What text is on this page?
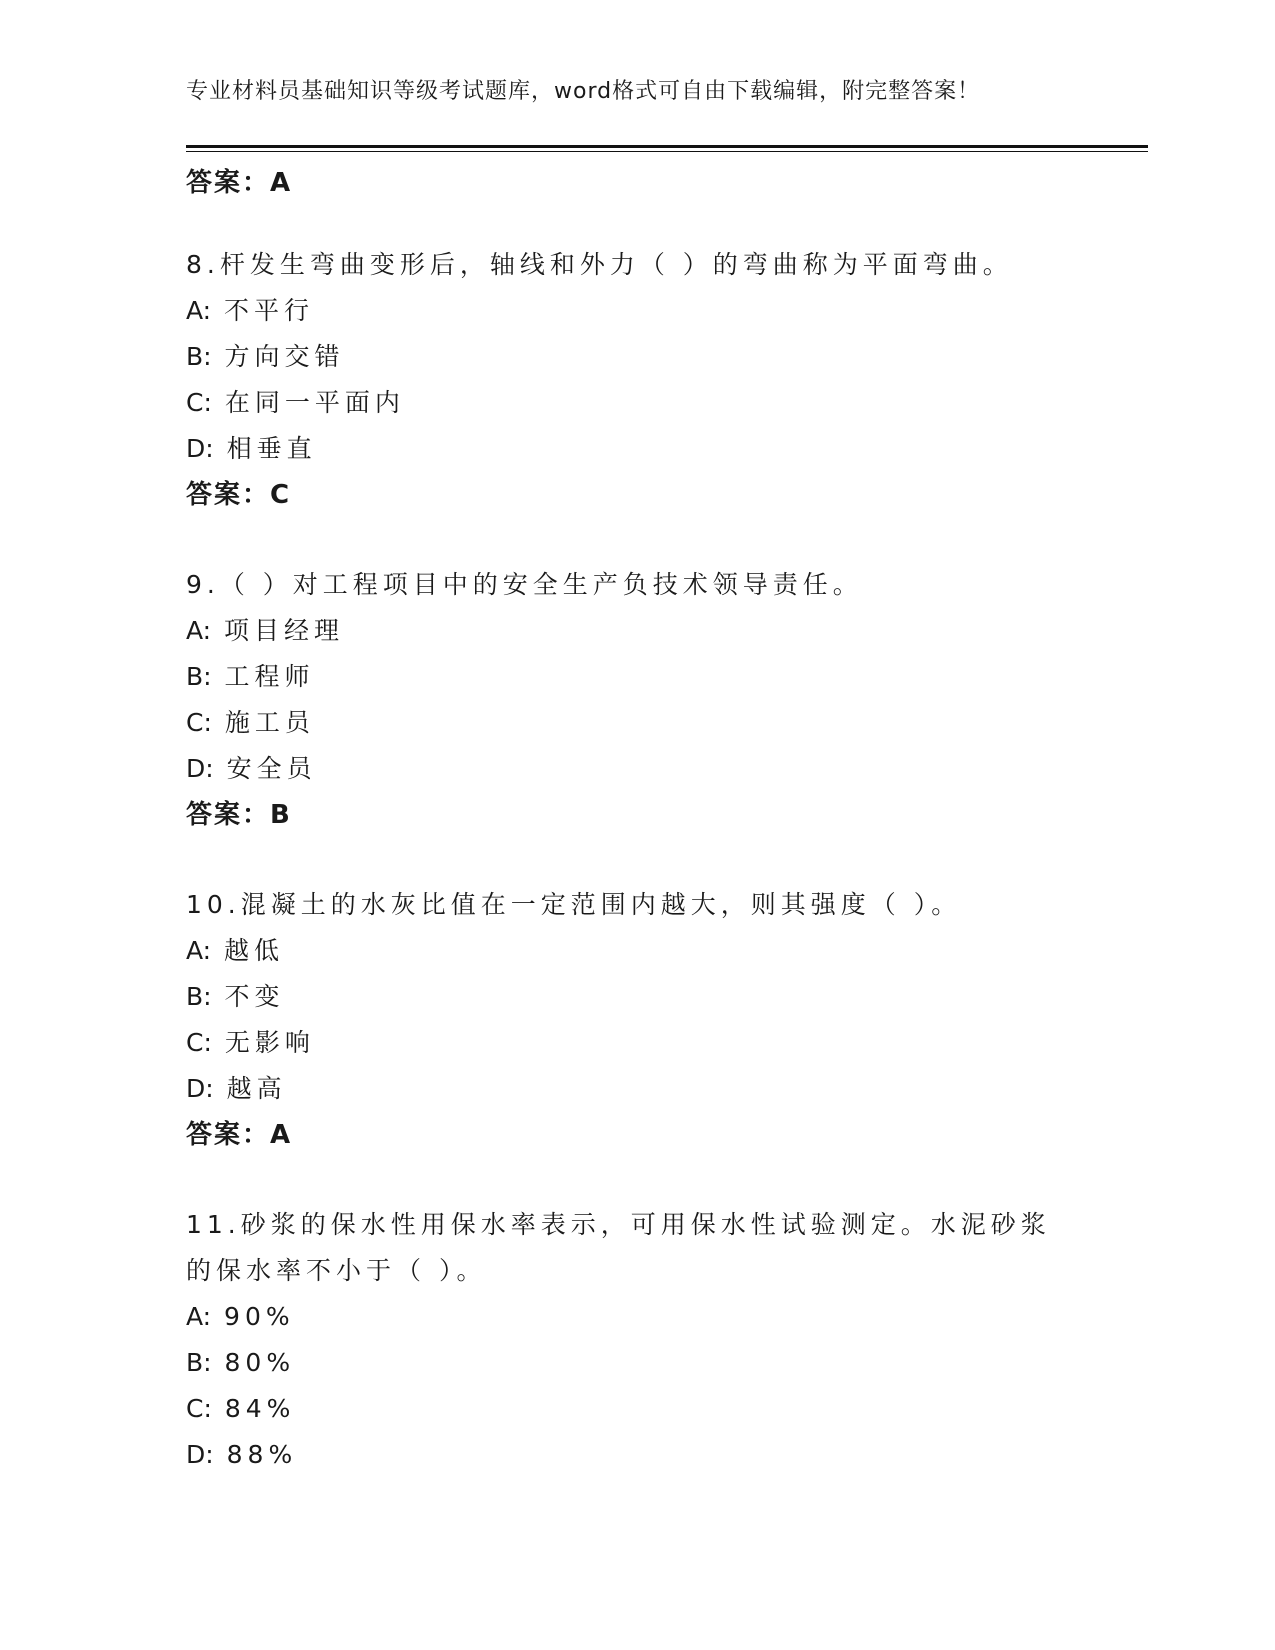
专业材料员基础知识等级考试题库，word格式可自由下载编辑，附完整答案！
答案：A
8.杆发生弯曲变形后，轴线和外力（ ）的弯曲称为平面弯曲。
A: 不平行
B: 方向交错
C: 在同一平面内
D: 相垂直
答案：C
9.（ ）对工程项目中的安全生产负技术领导责任。
A: 项目经理
B: 工程师
C: 施工员
D: 安全员
答案：B
10.混凝土的水灰比值在一定范围内越大，则其强度（ ）。
A: 越低
B: 不变
C: 无影响
D: 越高
答案：A
11.砂浆的保水性用保水率表示，可用保水性试验测定。水泥砂浆的保水率不小于（ ）。
A: 90%
B: 80%
C: 84%
D: 88%
